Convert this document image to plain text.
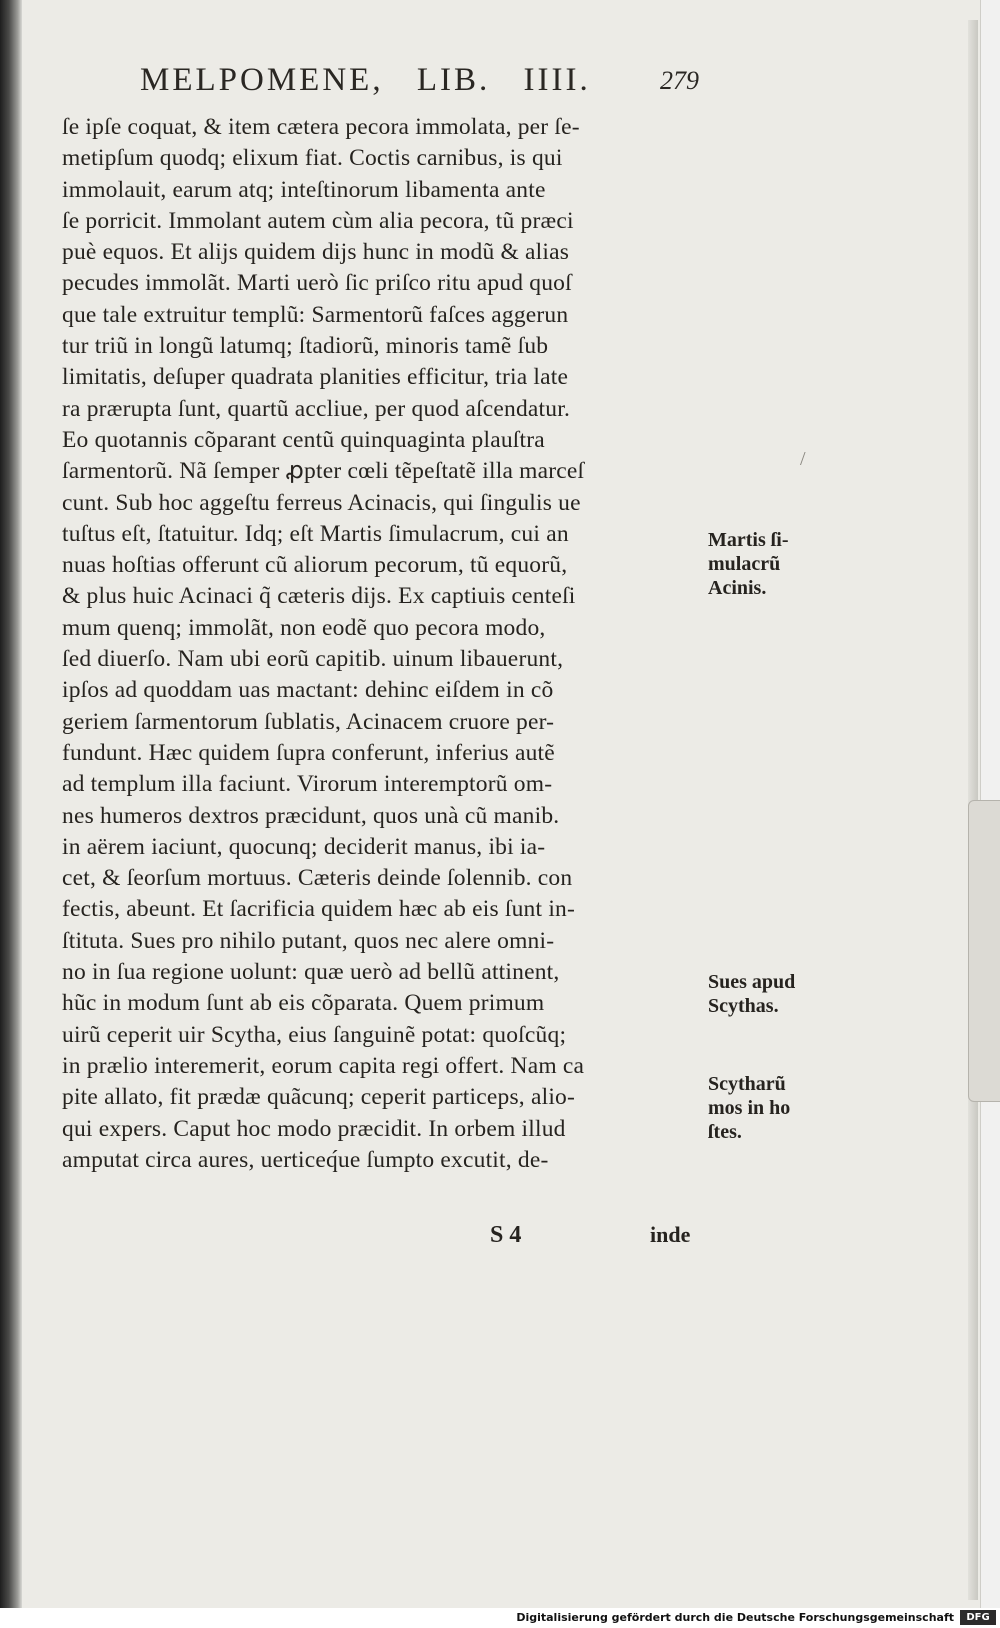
MELPOMENE, LIB. IIII.	279
ſe ipſe coquat, & item cætera pecora immolata, per ſe-
metipſum quodq; elixum fiat. Coctis carnibus, is qui
immolauit, earum atq; inteſtinorum libamenta ante
ſe porricit. Immolant autem cùm alia pecora, tũ præci
puè equos. Et alijs quidem dijs hunc in modũ & alias
pecudes immolãt. Marti uerò ſic priſco ritu apud quoſ
que tale extruitur templũ: Sarmentorũ faſces aggerun
tur triũ in longũ latumq; ſtadiorũ, minoris tamẽ ſub
limitatis, deſuper quadrata planities efficitur, tria late
ra prærupta ſunt, quartũ accliue, per quod aſcendatur.
Eo quotannis cõparant centũ quinquaginta plauſtra
ſarmentorũ. Nã ſemper ꝓpter cœli tẽpeſtatẽ illa marceſ
cunt. Sub hoc aggeſtu ferreus Acinacis, qui ſingulis ue
tuſtus eſt, ſtatuitur. Idq; eſt Martis ſimulacrum, cui an
nuas hoſtias offerunt cũ aliorum pecorum, tũ equorũ,
& plus huic Acinaci q̃ cæteris dijs. Ex captiuis centeſi
mum quenq; immolãt, non eodẽ quo pecora modo,
ſed diuerſo. Nam ubi eorũ capitib. uinum libauerunt,
ipſos ad quoddam uas mactant: dehinc eiſdem in cõ
geriem ſarmentorum ſublatis, Acinacem cruore per-
fundunt. Hæc quidem ſupra conferunt, inferius autẽ
ad templum illa faciunt. Virorum interemptorũ om-
nes humeros dextros præcidunt, quos unà cũ manib.
in aërem iaciunt, quocunq; deciderit manus, ibi ia-
cet, & ſeorſum mortuus. Cæteris deinde ſolennib. con
fectis, abeunt. Et ſacrificia quidem hæc ab eis ſunt in-
ſtituta. Sues pro nihilo putant, quos nec alere omni-
no in ſua regione uolunt: quæ uerò ad bellũ attinent,
hũc in modum ſunt ab eis cõparata. Quem primum
uirũ ceperit uir Scytha, eius ſanguinẽ potat: quoſcũq;
in prælio interemerit, eorum capita regi offert. Nam ca
pite allato, fit prædæ quãcunq; ceperit particeps, alio-
qui expers. Caput hoc modo præcidit. In orbem illud
amputat circa aures, uerticeq́ue ſumpto excutit, de-
/
Martis ſi-
mulacrũ
Acinis.
Sues apud
Scythas.
Scytharũ
mos in ho
ſtes.
S 4	inde
Digitalisierung gefördert durch die Deutsche Forschungsgemeinschaft	DFG
